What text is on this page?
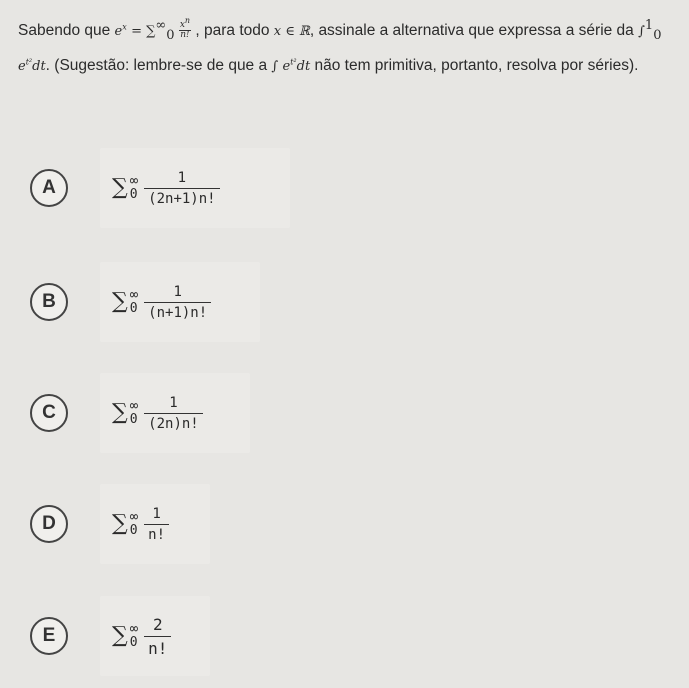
Sabendo que $e^x = \sum^\infty_0 \frac{x^n}{n!}$ , para todo x ∈ ℝ, assinale a alternativa que expressa a série da ∫$^1_0$ $e^{t^2}dt$. (Sugestão: lembre-se de que a ∫ $e^{t^2}dt$ não tem primitiva, portanto, resolva por séries).
A	∑ ∞
$0 \frac{1}{(2n+1)n!}$
B	∑ ∞
$0 \frac{1}{(n+1)n!}$
C	∑ ∞
$0 \frac{1}{(2n)n!}$
D	∑ ∞
$0 \frac{1}{n!}$
E	∑ ∞
$0 \frac{2}{n!}$
